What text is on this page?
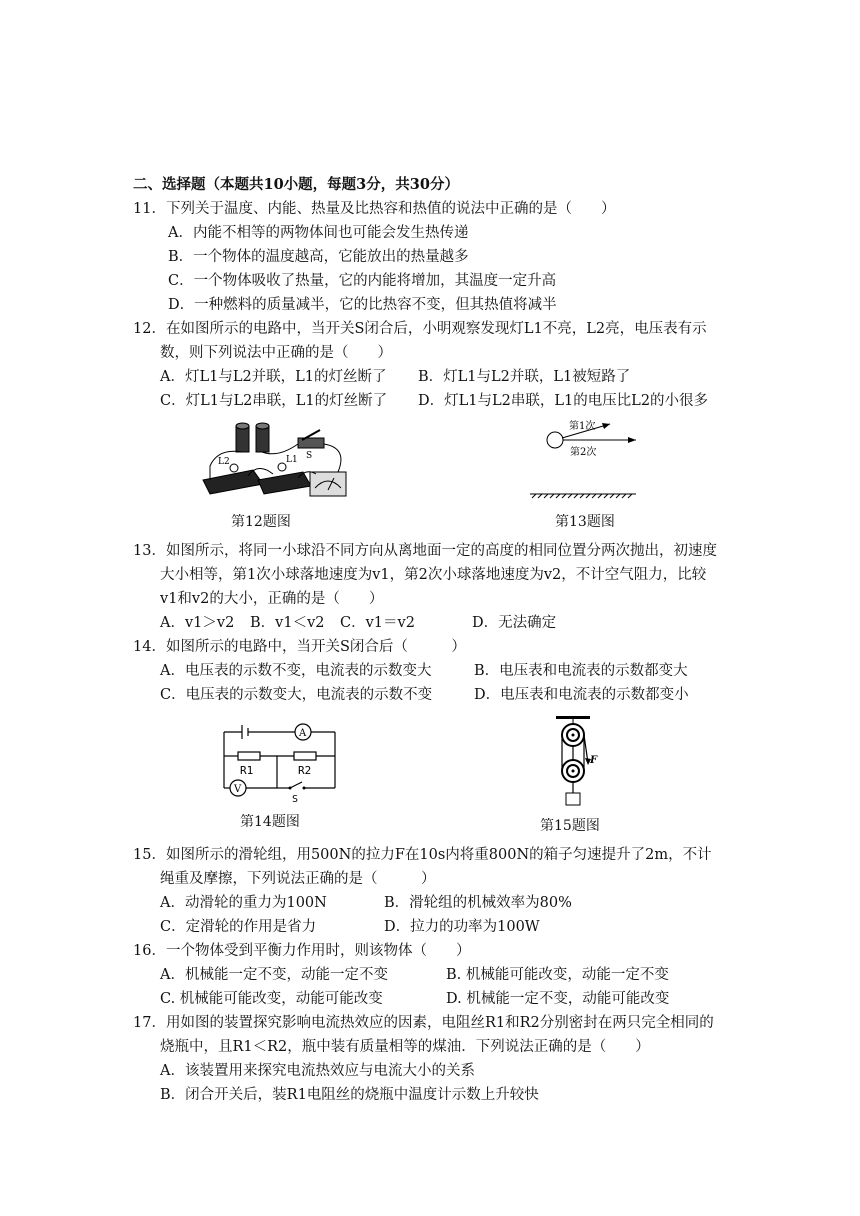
二、选择题（本题共10小题，每题3分，共30分）
11．下列关于温度、内能、热量及比热容和热值的说法中正确的是（　　）
A．内能不相等的两物体间也可能会发生热传递
B．一个物体的温度越高，它能放出的热量越多
C．一个物体吸收了热量，它的内能将增加，其温度一定升高
D．一种燃料的质量减半，它的比热容不变，但其热值将减半
12．在如图所示的电路中，当开关S闭合后，小明观察发现灯L1不亮，L2亮，电压表有示
数，则下列说法中正确的是（　　）
A．灯L1与L2并联，L1的灯丝断了 B．灯L1与L2并联，L1被短路了
C．灯L1与L2串联，L1的灯丝断了 D．灯L1与L2串联，L1的电压比L2的小很多
L2	L1 S
第12题图
第1次
第2次
第13题图
13．如图所示，将同一小球沿不同方向从离地面一定的高度的相同位置分两次抛出，初速度
大小相等，第1次小球落地速度为v1，第2次小球落地速度为v2，不计空气阻力，比较
v1和v2的大小，正确的是（　　）
A．v1＞v2 B．v1＜v2 C．v1＝v2	D．无法确定
14．如图所示的电路中，当开关S闭合后（　　　）
A．电压表的示数不变，电流表的示数变大	B．电压表和电流表的示数都变大
C．电压表的示数变大，电流表的示数不变	D．电压表和电流表的示数都变小
A
V
R1	R2
S
第14题图
F
第15题图
15．如图所示的滑轮组，用500N的拉力F在10s内将重800N的箱子匀速提升了2m，不计
绳重及摩擦，下列说法正确的是（　　　）
A．动滑轮的重力为100N	B．滑轮组的机械效率为80%
C．定滑轮的作用是省力	D．拉力的功率为100W
16．一个物体受到平衡力作用时，则该物体（　　）
A．机械能一定不变，动能一定不变	B. 机械能可能改变，动能一定不变
C. 机械能可能改变，动能可能改变	D. 机械能一定不变，动能可能改变
17．用如图的装置探究影响电流热效应的因素，电阻丝R1和R2分别密封在两只完全相同的
烧瓶中，且R1＜R2，瓶中装有质量相等的煤油．下列说法正确的是（　　）
A．该装置用来探究电流热效应与电流大小的关系
B．闭合开关后，装R1电阻丝的烧瓶中温度计示数上升较快
